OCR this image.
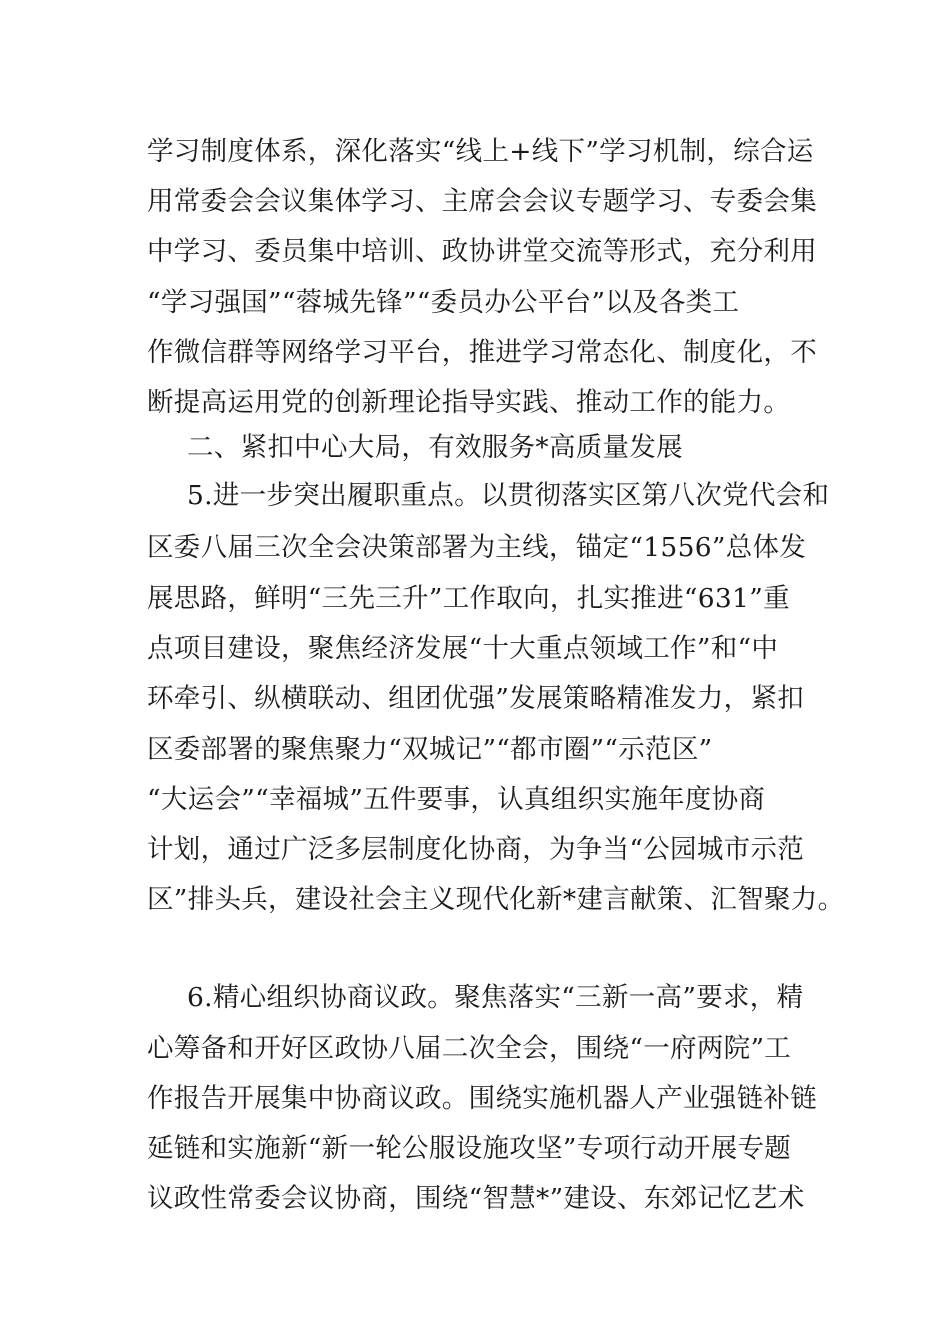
学习制度体系，深化落实“线上+线下”学习机制，综合运
用常委会会议集体学习、主席会会议专题学习、专委会集
中学习、委员集中培训、政协讲堂交流等形式，充分利用
“学习强国”“蓉城先锋”“委员办公平台”以及各类工
作微信群等网络学习平台，推进学习常态化、制度化，不
断提高运用党的创新理论指导实践、推动工作的能力。
二、紧扣中心大局，有效服务*高质量发展
5.进一步突出履职重点。以贯彻落实区第八次党代会和
区委八届三次全会决策部署为主线，锚定“1556”总体发
展思路，鲜明“三先三升”工作取向，扎实推进“631”重
点项目建设，聚焦经济发展“十大重点领域工作”和“中
环牵引、纵横联动、组团优强”发展策略精准发力，紧扣
区委部署的聚焦聚力“双城记”“都市圈”“示范区”
“大运会”“幸福城”五件要事，认真组织实施年度协商
计划，通过广泛多层制度化协商，为争当“公园城市示范
区”排头兵，建设社会主义现代化新*建言献策、汇智聚力。
6.精心组织协商议政。聚焦落实“三新一高”要求，精
心筹备和开好区政协八届二次全会，围绕“一府两院”工
作报告开展集中协商议政。围绕实施机器人产业强链补链
延链和实施新“新一轮公服设施攻坚”专项行动开展专题
议政性常委会议协商，围绕“智慧*”建设、东郊记忆艺术
